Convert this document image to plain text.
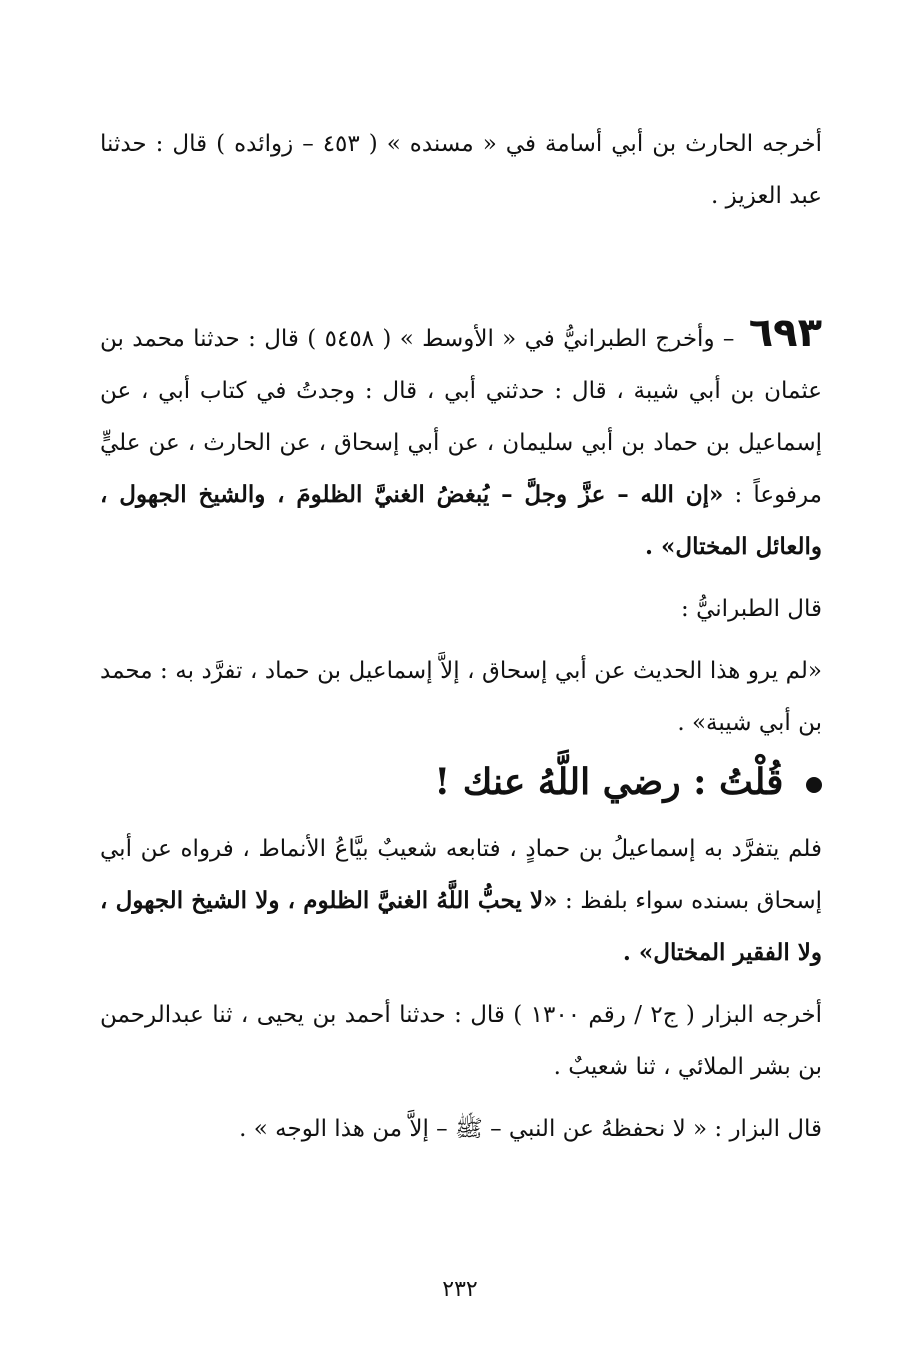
أخرجه الحارث بن أبي أسامة في « مسنده » ( ٤٥٣ – زوائده ) قال : حدثنا عبد العزيز .

٦٩٣ – وأخرج الطبرانيُّ في « الأوسط » ( ٥٤٥٨ ) قال : حدثنا محمد بن عثمان بن أبي شيبة ، قال : حدثني أبي ، قال : وجدتُ في كتاب أبي ، عن إسماعيل بن حماد بن أبي سليمان ، عن أبي إسحاق ، عن الحارث ، عن عليٍّ مرفوعاً : «إن الله – عزَّ وجلَّ – يُبغضُ الغنيَّ الظلومَ ، والشيخ الجهول ، والعائل المختال» .

قال الطبرانيُّ :

«لم يرو هذا الحديث عن أبي إسحاق ، إلاَّ إسماعيل بن حماد ، تفرَّد به : محمد بن أبي شيبة» .

قُلْتُ : رضي اللَّهُ عنك !

فلم يتفرَّد به إسماعيلُ بن حمادٍ ، فتابعه شعيبٌ بيَّاعُ الأنماط ، فرواه عن أبي إسحاق بسنده سواء بلفظ : «لا يحبُّ اللَّهُ الغنيَّ الظلوم ، ولا الشيخ الجهول ، ولا الفقير المختال» .

أخرجه البزار ( ج٢ / رقم ١٣٠٠ ) قال : حدثنا أحمد بن يحيى ، ثنا عبدالرحمن بن بشر الملائي ، ثنا شعيبٌ .

قال البزار : « لا نحفظهُ عن النبي – ﷺ – إلاَّ من هذا الوجه » .

٢٣٢
